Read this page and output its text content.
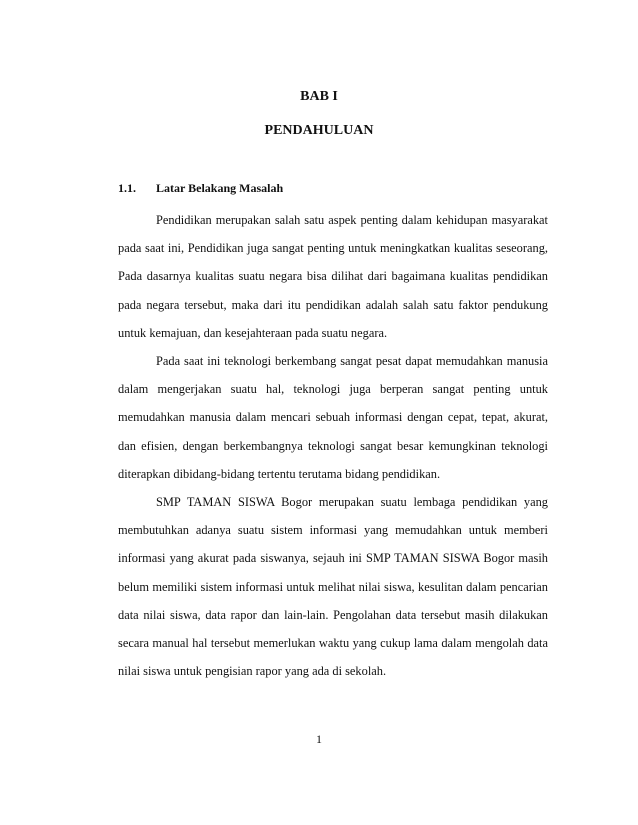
BAB I
PENDAHULUAN
1.1. Latar Belakang Masalah

Pendidikan merupakan salah satu aspek penting dalam kehidupan masyarakat pada saat ini, Pendidikan juga sangat penting untuk meningkatkan kualitas seseorang, Pada dasarnya kualitas suatu negara bisa dilihat dari bagaimana kualitas pendidikan pada negara tersebut, maka dari itu pendidikan adalah salah satu faktor pendukung untuk kemajuan, dan kesejahteraan pada suatu negara.

Pada saat ini teknologi berkembang sangat pesat dapat memudahkan manusia dalam mengerjakan suatu hal, teknologi juga berperan sangat penting untuk memudahkan manusia dalam mencari sebuah informasi dengan cepat, tepat, akurat, dan efisien, dengan berkembangnya teknologi sangat besar kemungkinan teknologi diterapkan dibidang-bidang tertentu terutama bidang pendidikan.

SMP TAMAN SISWA Bogor merupakan suatu lembaga pendidikan yang membutuhkan adanya suatu sistem informasi yang memudahkan untuk memberi informasi yang akurat pada siswanya, sejauh ini SMP TAMAN SISWA Bogor masih belum memiliki sistem informasi untuk melihat nilai siswa, kesulitan dalam pencarian data nilai siswa, data rapor dan lain-lain. Pengolahan data tersebut masih dilakukan secara manual hal tersebut memerlukan waktu yang cukup lama dalam mengolah data nilai siswa untuk pengisian rapor yang ada di sekolah.

1
